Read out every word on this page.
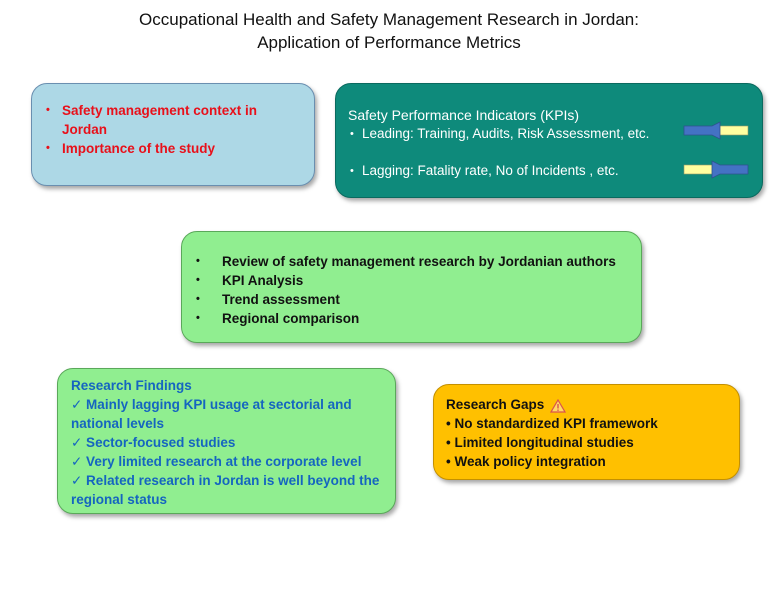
Occupational Health and Safety Management Research in Jordan:
Application of Performance Metrics
• Safety management context in Jordan
• Importance of the study
Safety Performance Indicators (KPIs)
• Leading: Training, Audits, Risk Assessment, etc.
• Lagging: Fatality rate, No of Incidents , etc.
• Review of safety management research by Jordanian authors
• KPI Analysis
• Trend assessment
• Regional comparison
Research Findings
✓ Mainly lagging KPI usage at sectorial and national levels
✓ Sector-focused studies
✓ Very limited research at the corporate level
✓ Related research in Jordan is well beyond the regional status
Research Gaps
• No standardized KPI framework
• Limited longitudinal studies
• Weak policy integration
